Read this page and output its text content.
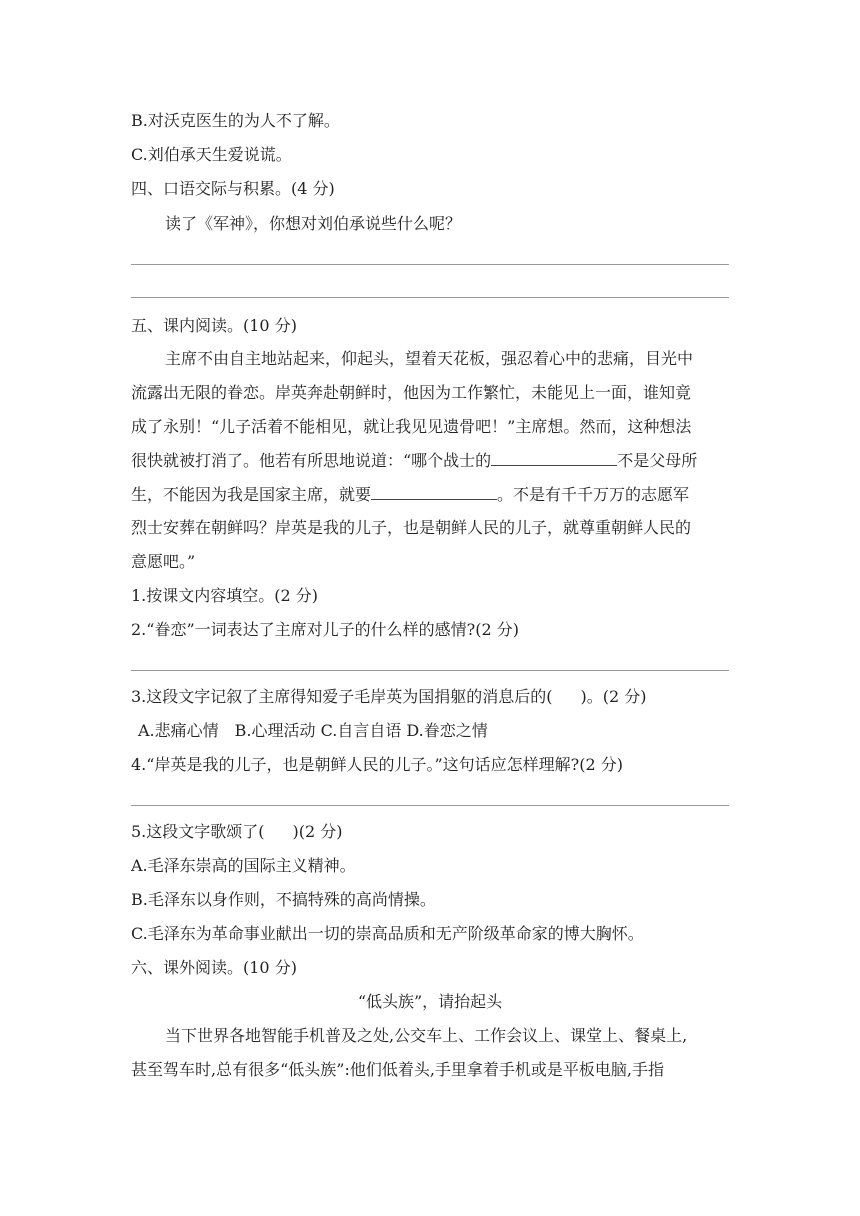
B.对沃克医生的为人不了解。
C.刘伯承天生爱说谎。
四、口语交际与积累。(4 分)
读了《军神》，你想对刘伯承说些什么呢？
五、课内阅读。(10 分)
主席不由自主地站起来，仰起头，望着天花板，强忍着心中的悲痛，目光中
流露出无限的眷恋。岸英奔赴朝鲜时，他因为工作繁忙，未能见上一面，谁知竟
成了永别！“儿子活着不能相见，就让我见见遗骨吧！”主席想。然而，这种想法
很快就被打消了。他若有所思地说道：“哪个战士的	不是父母所
生，不能因为我是国家主席，就要	。不是有千千万万的志愿军
烈士安葬在朝鲜吗？岸英是我的儿子，也是朝鲜人民的儿子，就尊重朝鲜人民的
意愿吧。”
1.按课文内容填空。(2 分)
2.“眷恋”一词表达了主席对儿子的什么样的感情?(2 分)
3.这段文字记叙了主席得知爱子毛岸英为国捐躯的消息后的( )。(2 分)
A.悲痛心情　B.心理活动 C.自言自语 D.眷恋之情
4.“岸英是我的儿子，也是朝鲜人民的儿子。”这句话应怎样理解?(2 分)
5.这段文字歌颂了( )(2 分)
A.毛泽东崇高的国际主义精神。
B.毛泽东以身作则，不搞特殊的高尚情操。
C.毛泽东为革命事业献出一切的崇高品质和无产阶级革命家的博大胸怀。
六、课外阅读。(10 分)
“低头族”，请抬起头
当下世界各地智能手机普及之处,公交车上、工作会议上、课堂上、餐桌上,
甚至驾车时,总有很多“低头族”:他们低着头,手里拿着手机或是平板电脑,手指
